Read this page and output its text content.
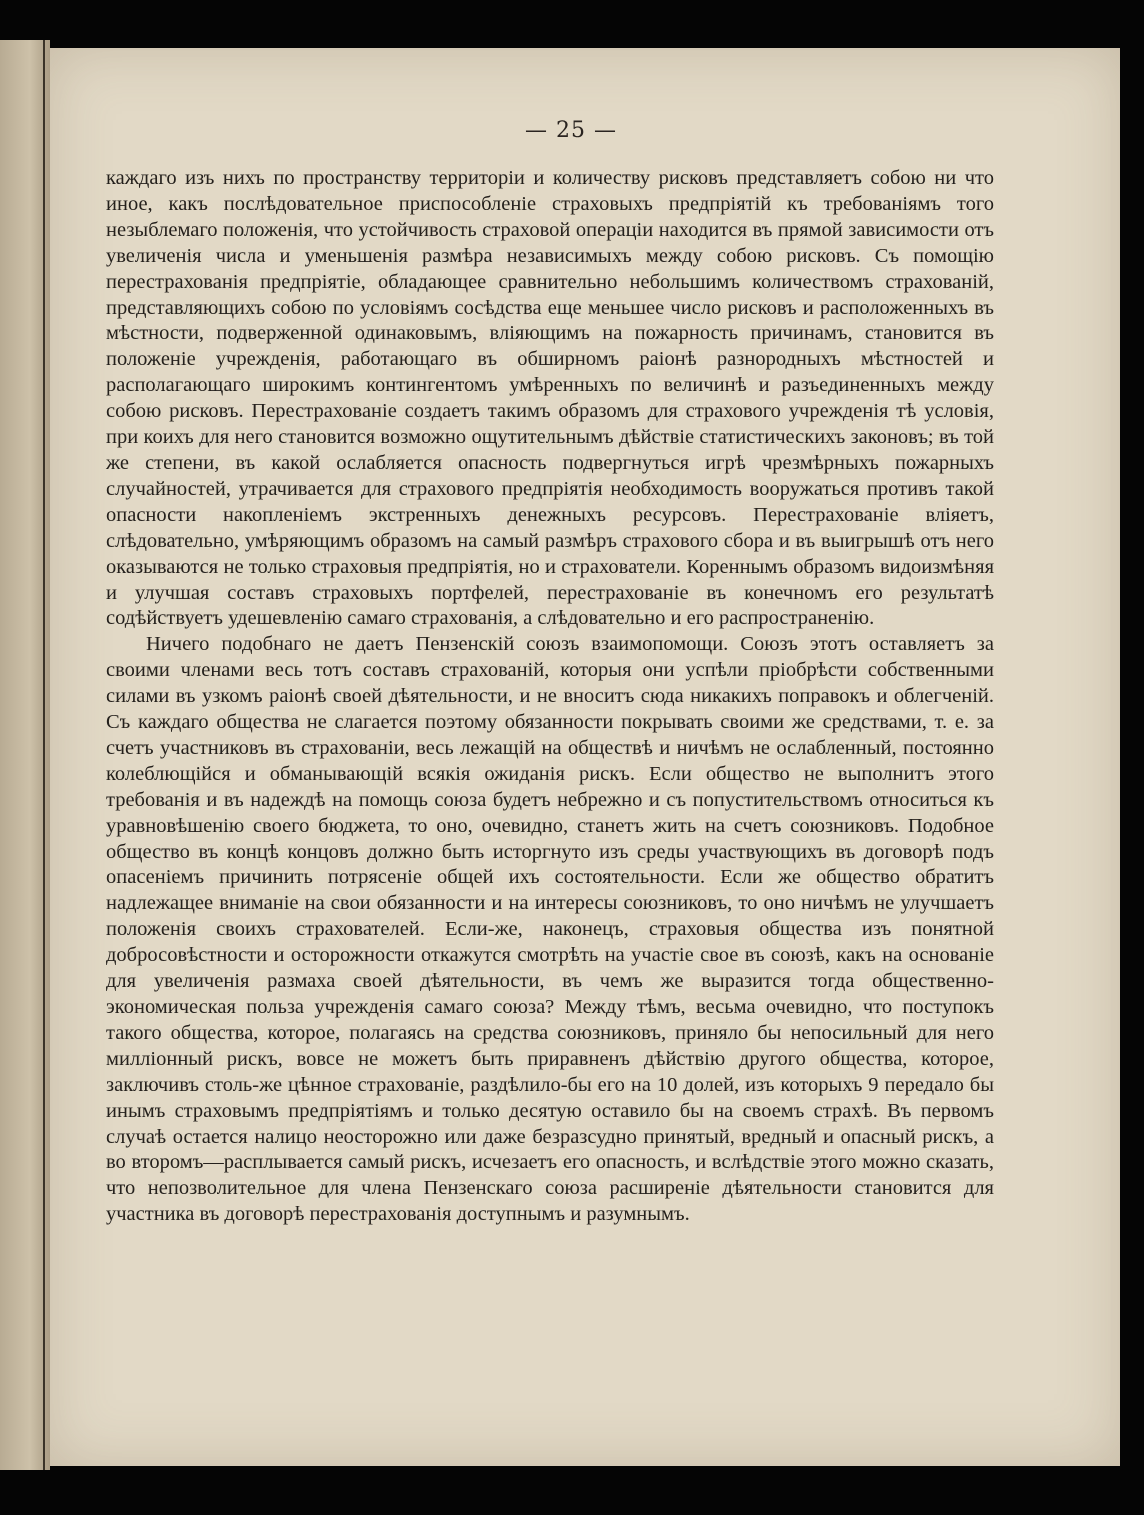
— 25 —

каждаго изъ нихъ по пространству территоріи и количеству рисковъ представляетъ собою ни что иное, какъ послѣдовательное приспособленіе страховыхъ предпріятій къ требованіямъ того незыблемаго положенія, что устойчивость страховой операціи находится въ прямой зависимости отъ увеличенія числа и уменьшенія размѣра независимыхъ между собою рисковъ. Съ помощію перестрахованія предпріятіе, обладающее сравнительно небольшимъ количествомъ страхованій, представляющихъ собою по условіямъ сосѣдства еще меньшее число рисковъ и расположенныхъ въ мѣстности, подверженной одинаковымъ, вліяющимъ на пожарность причинамъ, становится въ положеніе учрежденія, работающаго въ обширномъ раіонѣ разнородныхъ мѣстностей и располагающаго широкимъ контингентомъ умѣренныхъ по величинѣ и разъединенныхъ между собою рисковъ. Перестрахованіе создаетъ такимъ образомъ для страхового учрежденія тѣ условія, при коихъ для него становится возможно ощутительнымъ дѣйствіе статистическихъ законовъ; въ той же степени, въ какой ослабляется опасность подвергнуться игрѣ чрезмѣрныхъ пожарныхъ случайностей, утрачивается для страхового предпріятія необходимость вооружаться противъ такой опасности накопленіемъ экстренныхъ денежныхъ ресурсовъ. Перестрахованіе вліяетъ, слѣдовательно, умѣряющимъ образомъ на самый размѣръ страхового сбора и въ выигрышѣ отъ него оказываются не только страховыя предпріятія, но и страхователи. Кореннымъ образомъ видоизмѣняя и улучшая составъ страховыхъ портфелей, перестрахованіе въ конечномъ его результатѣ содѣйствуетъ удешевленію самаго страхованія, а слѣдовательно и его распространенію.

Ничего подобнаго не даетъ Пензенскій союзъ взаимопомощи. Союзъ этотъ оставляетъ за своими членами весь тотъ составъ страхованій, которыя они успѣли пріобрѣсти собственными силами въ узкомъ раіонѣ своей дѣятельности, и не вноситъ сюда никакихъ поправокъ и облегченій. Съ каждаго общества не слагается поэтому обязанности покрывать своими же средствами, т. е. за счетъ участниковъ въ страхованіи, весь лежащій на обществѣ и ничѣмъ не ослабленный, постоянно колеблющійся и обманывающій всякія ожиданія рискъ. Если общество не выполнитъ этого требованія и въ надеждѣ на помощь союза будетъ небрежно и съ попустительствомъ относиться къ уравновѣшенію своего бюджета, то оно, очевидно, станетъ жить на счетъ союзниковъ. Подобное общество въ концѣ концовъ должно быть исторгнуто изъ среды участвующихъ въ договорѣ подъ опасеніемъ причинить потрясеніе общей ихъ состоятельности. Если же общество обратитъ надлежащее вниманіе на свои обязанности и на интересы союзниковъ, то оно ничѣмъ не улучшаетъ положенія своихъ страхователей. Если-же, наконецъ, страховыя общества изъ понятной добросовѣстности и осторожности откажутся смотрѣть на участіе свое въ союзѣ, какъ на основаніе для увеличенія размаха своей дѣятельности, въ чемъ же выразится тогда общественно-экономическая польза учрежденія самаго союза? Между тѣмъ, весьма очевидно, что поступокъ такого общества, которое, полагаясь на средства союзниковъ, приняло бы непосильный для него милліонный рискъ, вовсе не можетъ быть приравненъ дѣйствію другого общества, которое, заключивъ столь-же цѣнное страхованіе, раздѣлило-бы его на 10 долей, изъ которыхъ 9 передало бы инымъ страховымъ предпріятіямъ и только десятую оставило бы на своемъ страхѣ. Въ первомъ случаѣ остается налицо неосторожно или даже безразсудно принятый, вредный и опасный рискъ, а во второмъ—расплывается самый рискъ, исчезаетъ его опасность, и вслѣдствіе этого можно сказать, что непозволительное для члена Пензенскаго союза расширеніе дѣятельности становится для участника въ договорѣ перестрахованія доступнымъ и разумнымъ.
